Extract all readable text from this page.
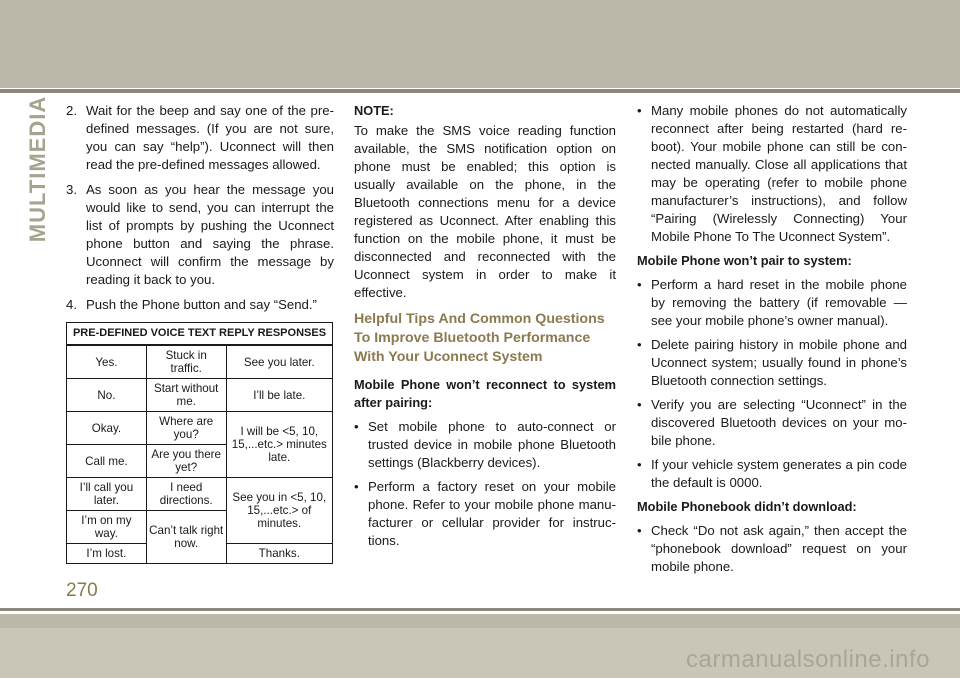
MULTIMEDIA 2. Wait for the beep and say one of the pre-defined messages. (If you are not sure, you can say “help”). Uconnect will then read the pre-defined messages allowed.
3. As soon as you hear the message you would like to send, you can interrupt the list of prompts by pushing the Uconnect phone button and saying the phrase. Uconnect will confirm the message by reading it back to you.
4. Push the Phone button and say “Send.”
PRE-DEFINED VOICE TEXT REPLY RESPONSES		
Yes.	Stuck in traffic.	See you later.
No.	Start without me.	I’ll be late.
Okay.	Where are you?	I will be <5, 10, 15,...etc.> minutes late.
Call me.	Are you there yet?	
I’ll call you later.	I need directions.	See you in <5, 10, 15,...etc.> of minutes.
I’m on my way.	Can’t talk right now.	
I’m lost.		Thanks.

NOTE:

To make the SMS voice reading function available, the SMS notification option on phone must be enabled; this option is usually available on the phone, in the Bluetooth connections menu for a device registered as Uconnect. After enabling this function on the mobile phone, it must be disconnected and reconnected with the Uconnect system in order to make it effective.

Helpful Tips And Common Questions To Improve Bluetooth Performance With Your Uconnect System

Mobile Phone won’t reconnect to system after pairing:

• Set mobile phone to auto-connect or trusted device in mobile phone Bluetooth settings (Blackberry devices).
• Perform a factory reset on your mobile phone. Refer to your mobile phone manu-facturer or cellular provider for instruc-tions.
• Many mobile phones do not automatically reconnect after being restarted (hard re-boot). Your mobile phone can still be con-nected manually. Close all applications that may be operating (refer to mobile phone manufacturer’s instructions), and follow “Pairing (Wirelessly Connecting) Your Mobile Phone To The Uconnect System”.

Mobile Phone won’t pair to system:

• Perform a hard reset in the mobile phone by removing the battery (if removable — see your mobile phone’s owner manual).
• Delete pairing history in mobile phone and Uconnect system; usually found in phone’s Bluetooth connection settings.
• Verify you are selecting “Uconnect” in the discovered Bluetooth devices on your mo-bile phone.
• If your vehicle system generates a pin code the default is 0000.

Mobile Phonebook didn’t download:

• Check “Do not ask again,” then accept the “phonebook download” request on your mobile phone.
270
carmanualsonline.info
